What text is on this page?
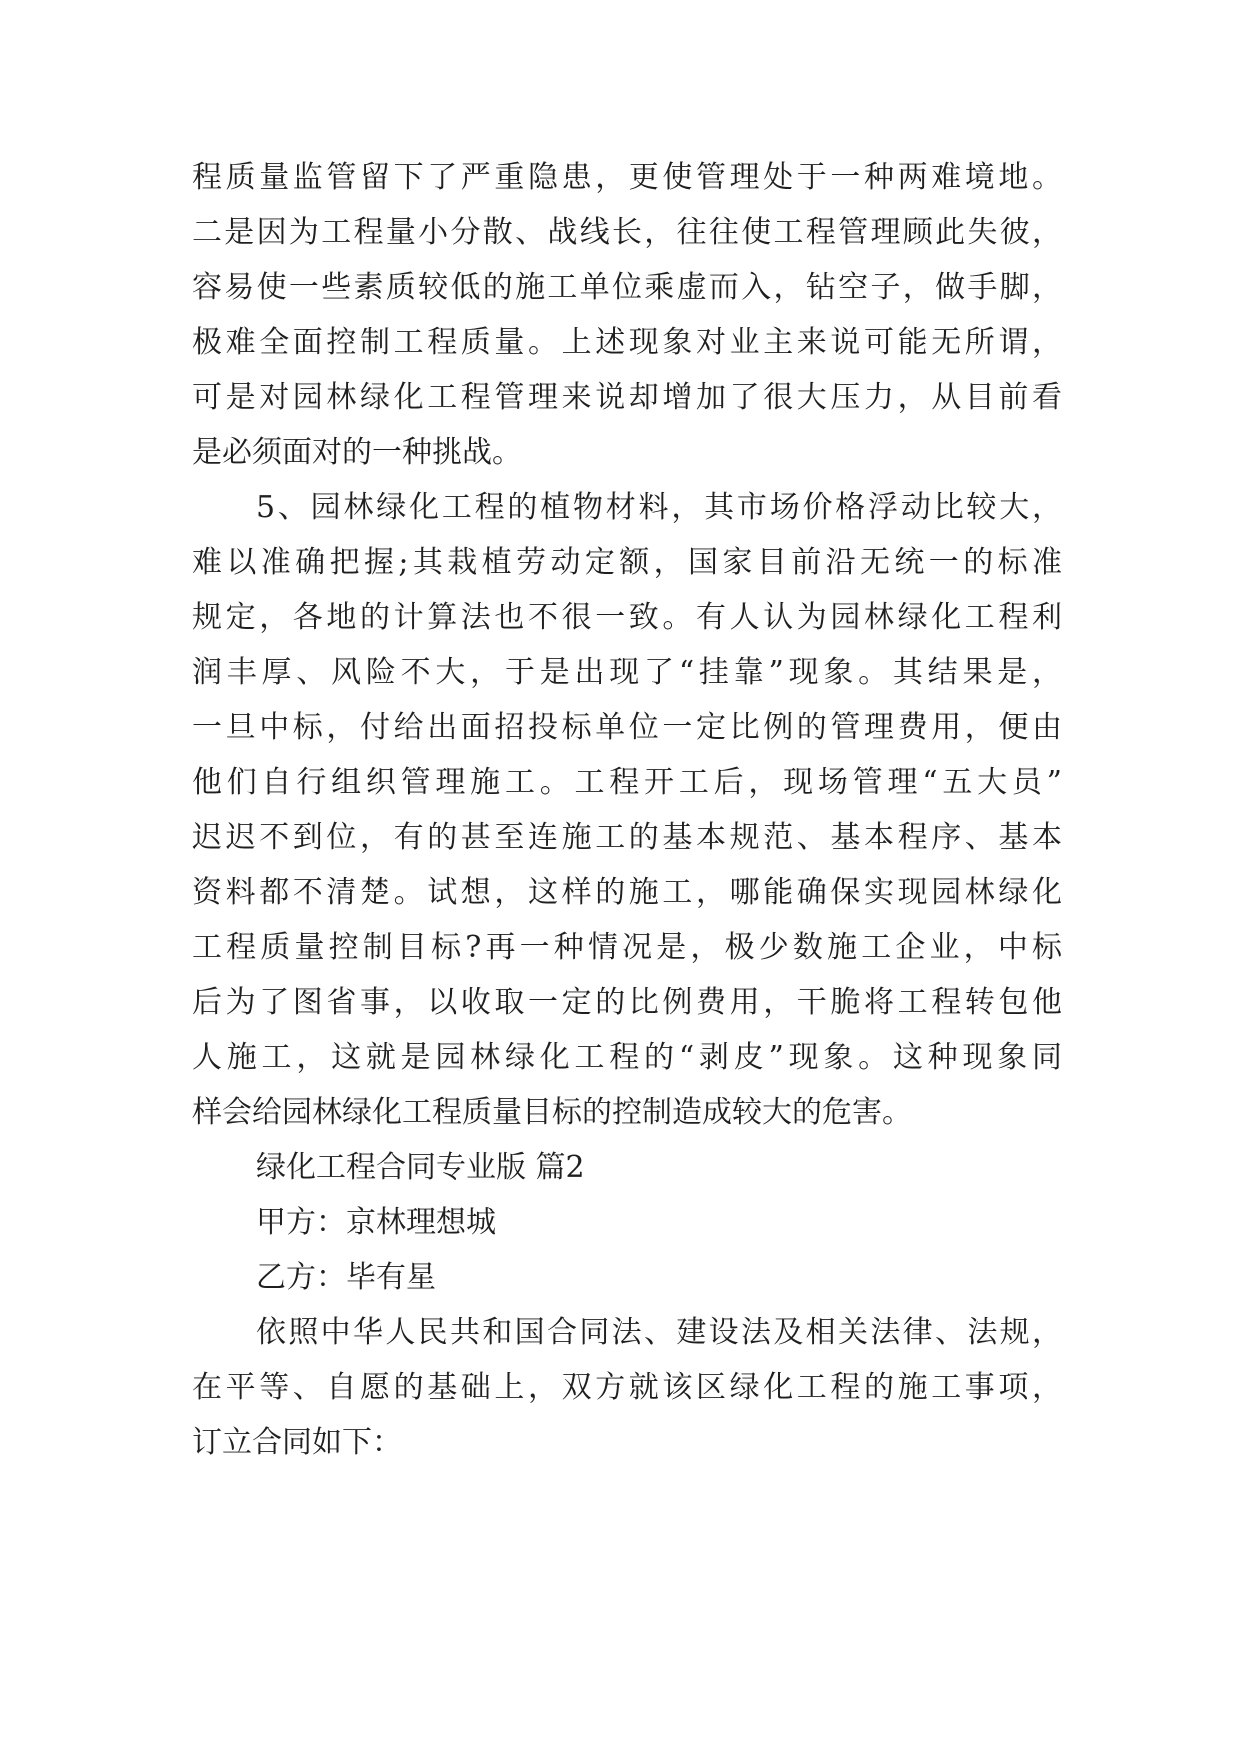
程质量监管留下了严重隐患，更使管理处于一种两难境地。
二是因为工程量小分散、战线长，往往使工程管理顾此失彼，
容易使一些素质较低的施工单位乘虚而入，钻空子，做手脚，
极难全面控制工程质量。上述现象对业主来说可能无所谓，
可是对园林绿化工程管理来说却增加了很大压力，从目前看
是必须面对的一种挑战。
5、园林绿化工程的植物材料，其市场价格浮动比较大，
难以准确把握;其栽植劳动定额，国家目前沿无统一的标准
规定，各地的计算法也不很一致。有人认为园林绿化工程利
润丰厚、风险不大，于是出现了“挂靠”现象。其结果是，
一旦中标，付给出面招投标单位一定比例的管理费用，便由
他们自行组织管理施工。工程开工后，现场管理“五大员”
迟迟不到位，有的甚至连施工的基本规范、基本程序、基本
资料都不清楚。试想，这样的施工，哪能确保实现园林绿化
工程质量控制目标?再一种情况是，极少数施工企业，中标
后为了图省事，以收取一定的比例费用，干脆将工程转包他
人施工，这就是园林绿化工程的“剥皮”现象。这种现象同
样会给园林绿化工程质量目标的控制造成较大的危害。
绿化工程合同专业版 篇2
甲方：京林理想城
乙方：毕有星
依照中华人民共和国合同法、建设法及相关法律、法规，
在平等、自愿的基础上，双方就该区绿化工程的施工事项，
订立合同如下：
